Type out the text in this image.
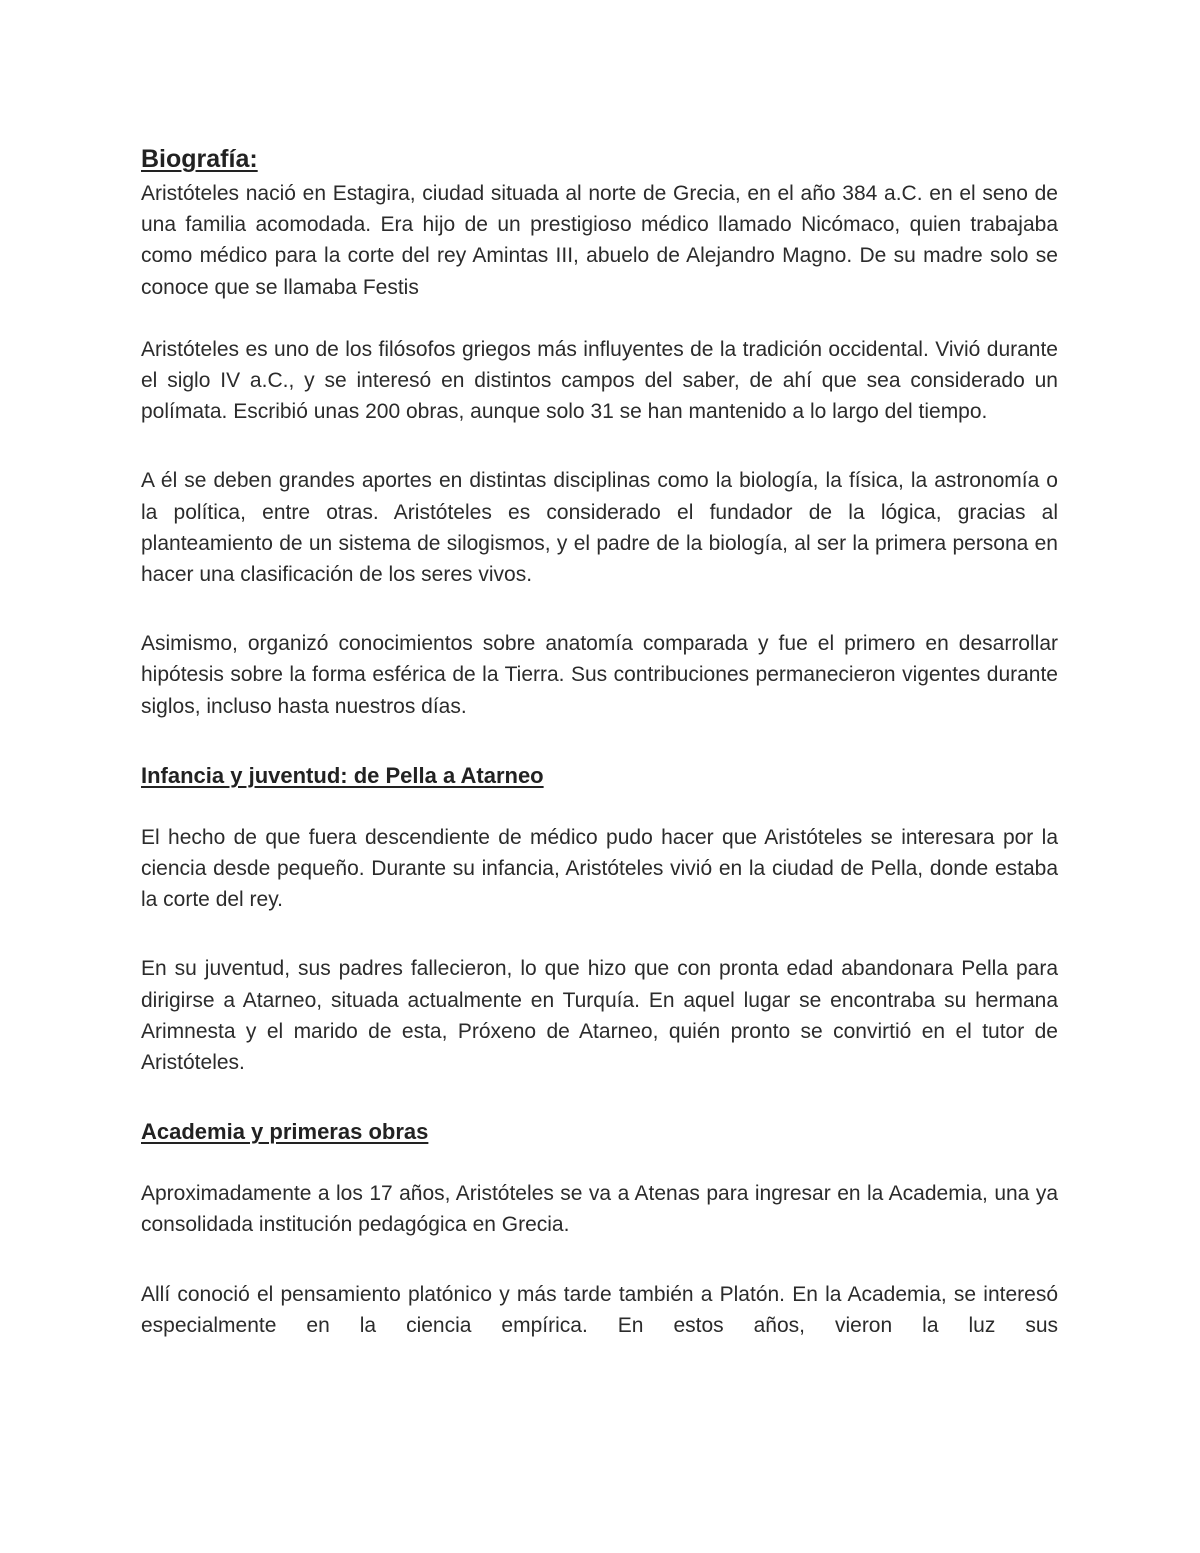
Biografía:

Aristóteles nació en Estagira, ciudad situada al norte de Grecia, en el año 384 a.C. en el seno de una familia acomodada. Era hijo de un prestigioso médico llamado Nicómaco, quien trabajaba como médico para la corte del rey Amintas III, abuelo de Alejandro Magno. De su madre solo se conoce que se llamaba Festis

Aristóteles es uno de los filósofos griegos más influyentes de la tradición occidental. Vivió durante el siglo IV a.C., y se interesó en distintos campos del saber, de ahí que sea considerado un polímata. Escribió unas 200 obras, aunque solo 31 se han mantenido a lo largo del tiempo.

A él se deben grandes aportes en distintas disciplinas como la biología, la física, la astronomía o la política, entre otras. Aristóteles es considerado el fundador de la lógica, gracias al planteamiento de un sistema de silogismos, y el padre de la biología, al ser la primera persona en hacer una clasificación de los seres vivos.

Asimismo, organizó conocimientos sobre anatomía comparada y fue el primero en desarrollar hipótesis sobre la forma esférica de la Tierra. Sus contribuciones permanecieron vigentes durante siglos, incluso hasta nuestros días.

Infancia y juventud: de Pella a Atarneo

El hecho de que fuera descendiente de médico pudo hacer que Aristóteles se interesara por la ciencia desde pequeño. Durante su infancia, Aristóteles vivió en la ciudad de Pella, donde estaba la corte del rey.

En su juventud, sus padres fallecieron, lo que hizo que con pronta edad abandonara Pella para dirigirse a Atarneo, situada actualmente en Turquía. En aquel lugar se encontraba su hermana Arimnesta y el marido de esta, Próxeno de Atarneo, quién pronto se convirtió en el tutor de Aristóteles.

Academia y primeras obras

Aproximadamente a los 17 años, Aristóteles se va a Atenas para ingresar en la Academia, una ya consolidada institución pedagógica en Grecia.

Allí conoció el pensamiento platónico y más tarde también a Platón. En la Academia, se interesó especialmente en la ciencia empírica. En estos años, vieron la luz sus
